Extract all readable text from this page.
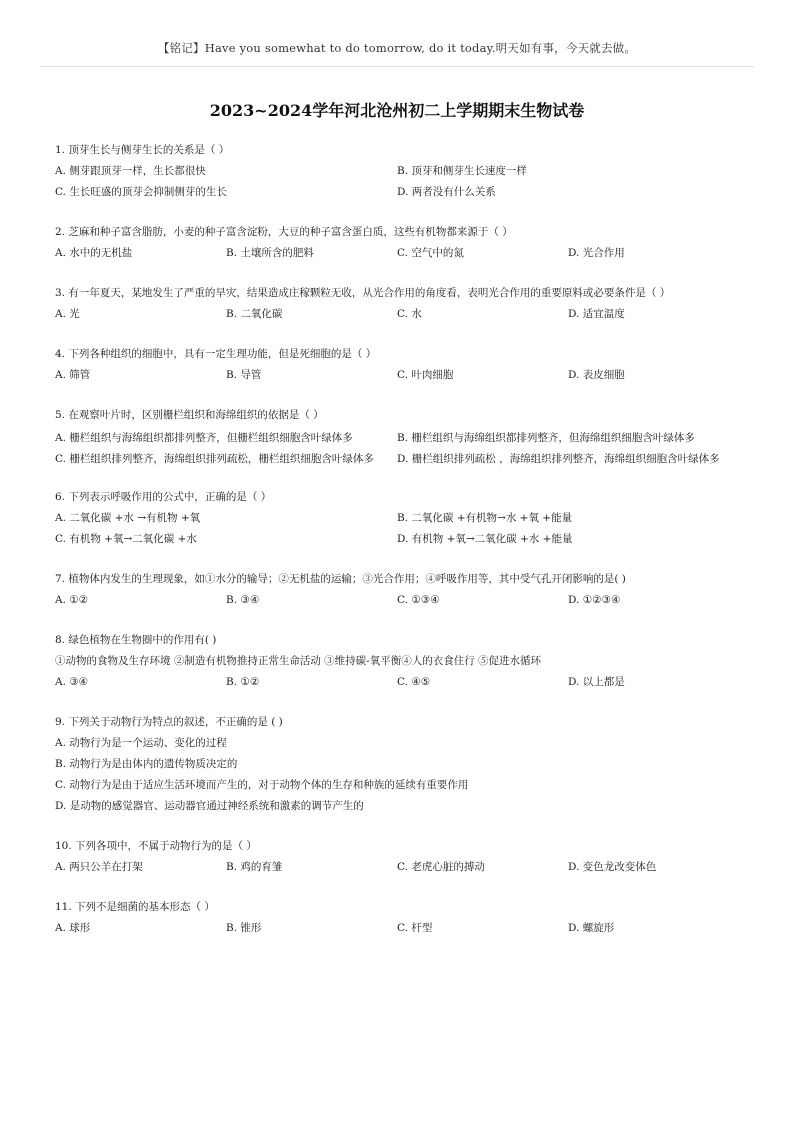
【铭记】Have you somewhat to do tomorrow, do it today.明天如有事，今天就去做。
2023~2024学年河北沧州初二上学期期末生物试卷
1. 顶芽生长与侧芽生长的关系是（ ）
A.
侧芽跟顶芽一样，生长都很快	B.
顶芽和侧芽生长速度一样
C.
生长旺盛的顶芽会抑制侧芽的生长	D.
两者没有什么关系
2. 芝麻和种子富含脂肪，小麦的种子富含淀粉，大豆的种子富含蛋白质，这些有机物都来源于（ ）
A.
水中的无机盐	B.
土壤所含的肥料	C.
空气中的氮	D.
光合作用
3. 有一年夏天，某地发生了严重的旱灾，结果造成庄稼颗粒无收，从光合作用的角度看，表明光合作用的重要原料或必要条件是（ ）
A.
光	B.
二氧化碳	C.
水	D.
适宜温度
4. 下列各种组织的细胞中，具有一定生理功能，但是死细胞的是（ ）
A.
筛管	B.
导管	C.
叶肉细胞	D.
表皮细胞
5. 在观察叶片时，区别栅栏组织和海绵组织的依据是（ ）
A.
栅栏组织与海绵组织都排列整齐，但栅栏组织细胞含叶绿体多	B.
栅栏组织与海绵组织都排列整齐，但海绵组织细胞含叶绿体多
C.
栅栏组织排列整齐，海绵组织排列疏松，栅栏组织细胞含叶绿体多	D.
栅栏组织排列疏松 ，海绵组织排列整齐，海绵组织细胞含叶绿体多
6. 下列表示呼吸作用的公式中，正确的是（ ）
A.
二氧化碳 +水 →有机物 +氧	B.
二氧化碳 +有机物→水 +氧 +能量
C.
有机物 +氧→二氧化碳 +水	D.
有机物 +氧→二氧化碳 +水 +能量
7. 植物体内发生的生理现象，如①水分的输导；②无机盐的运输；③光合作用；④呼吸作用等，其中受气孔开闭影响的是( )
A.
①②	B.
③④	C.
①③④	D.
①②③④
8. 绿色植物在生物圈中的作用有( )
①动物的食物及生存环境 ②制造有机物推持正常生命活动 ③维持碳-氧平衡④人的衣食住行 ⑤促进水循环
A.
③④	B.
①②	C.
④⑤	D.
以上都是
9. 下列关于动物行为特点的叙述，不正确的是 ( )
A.
动物行为是一个运动、变化的过程
B.
动物行为是由体内的遗传物质决定的
C.
动物行为是由于适应生活环境而产生的，对于动物个体的生存和种族的延续有重要作用
D.
是动物的感觉器官、运动器官通过神经系统和激素的调节产生的
10. 下列各项中，不属于动物行为的是（ ）
A.
两只公羊在打架	B.
鸡的育雏	C.
老虎心脏的搏动	D.
变色龙改变体色
11. 下列不是细菌的基本形态（ ）
A.
球形	B.
锥形	C.
杆型	D.
螺旋形
